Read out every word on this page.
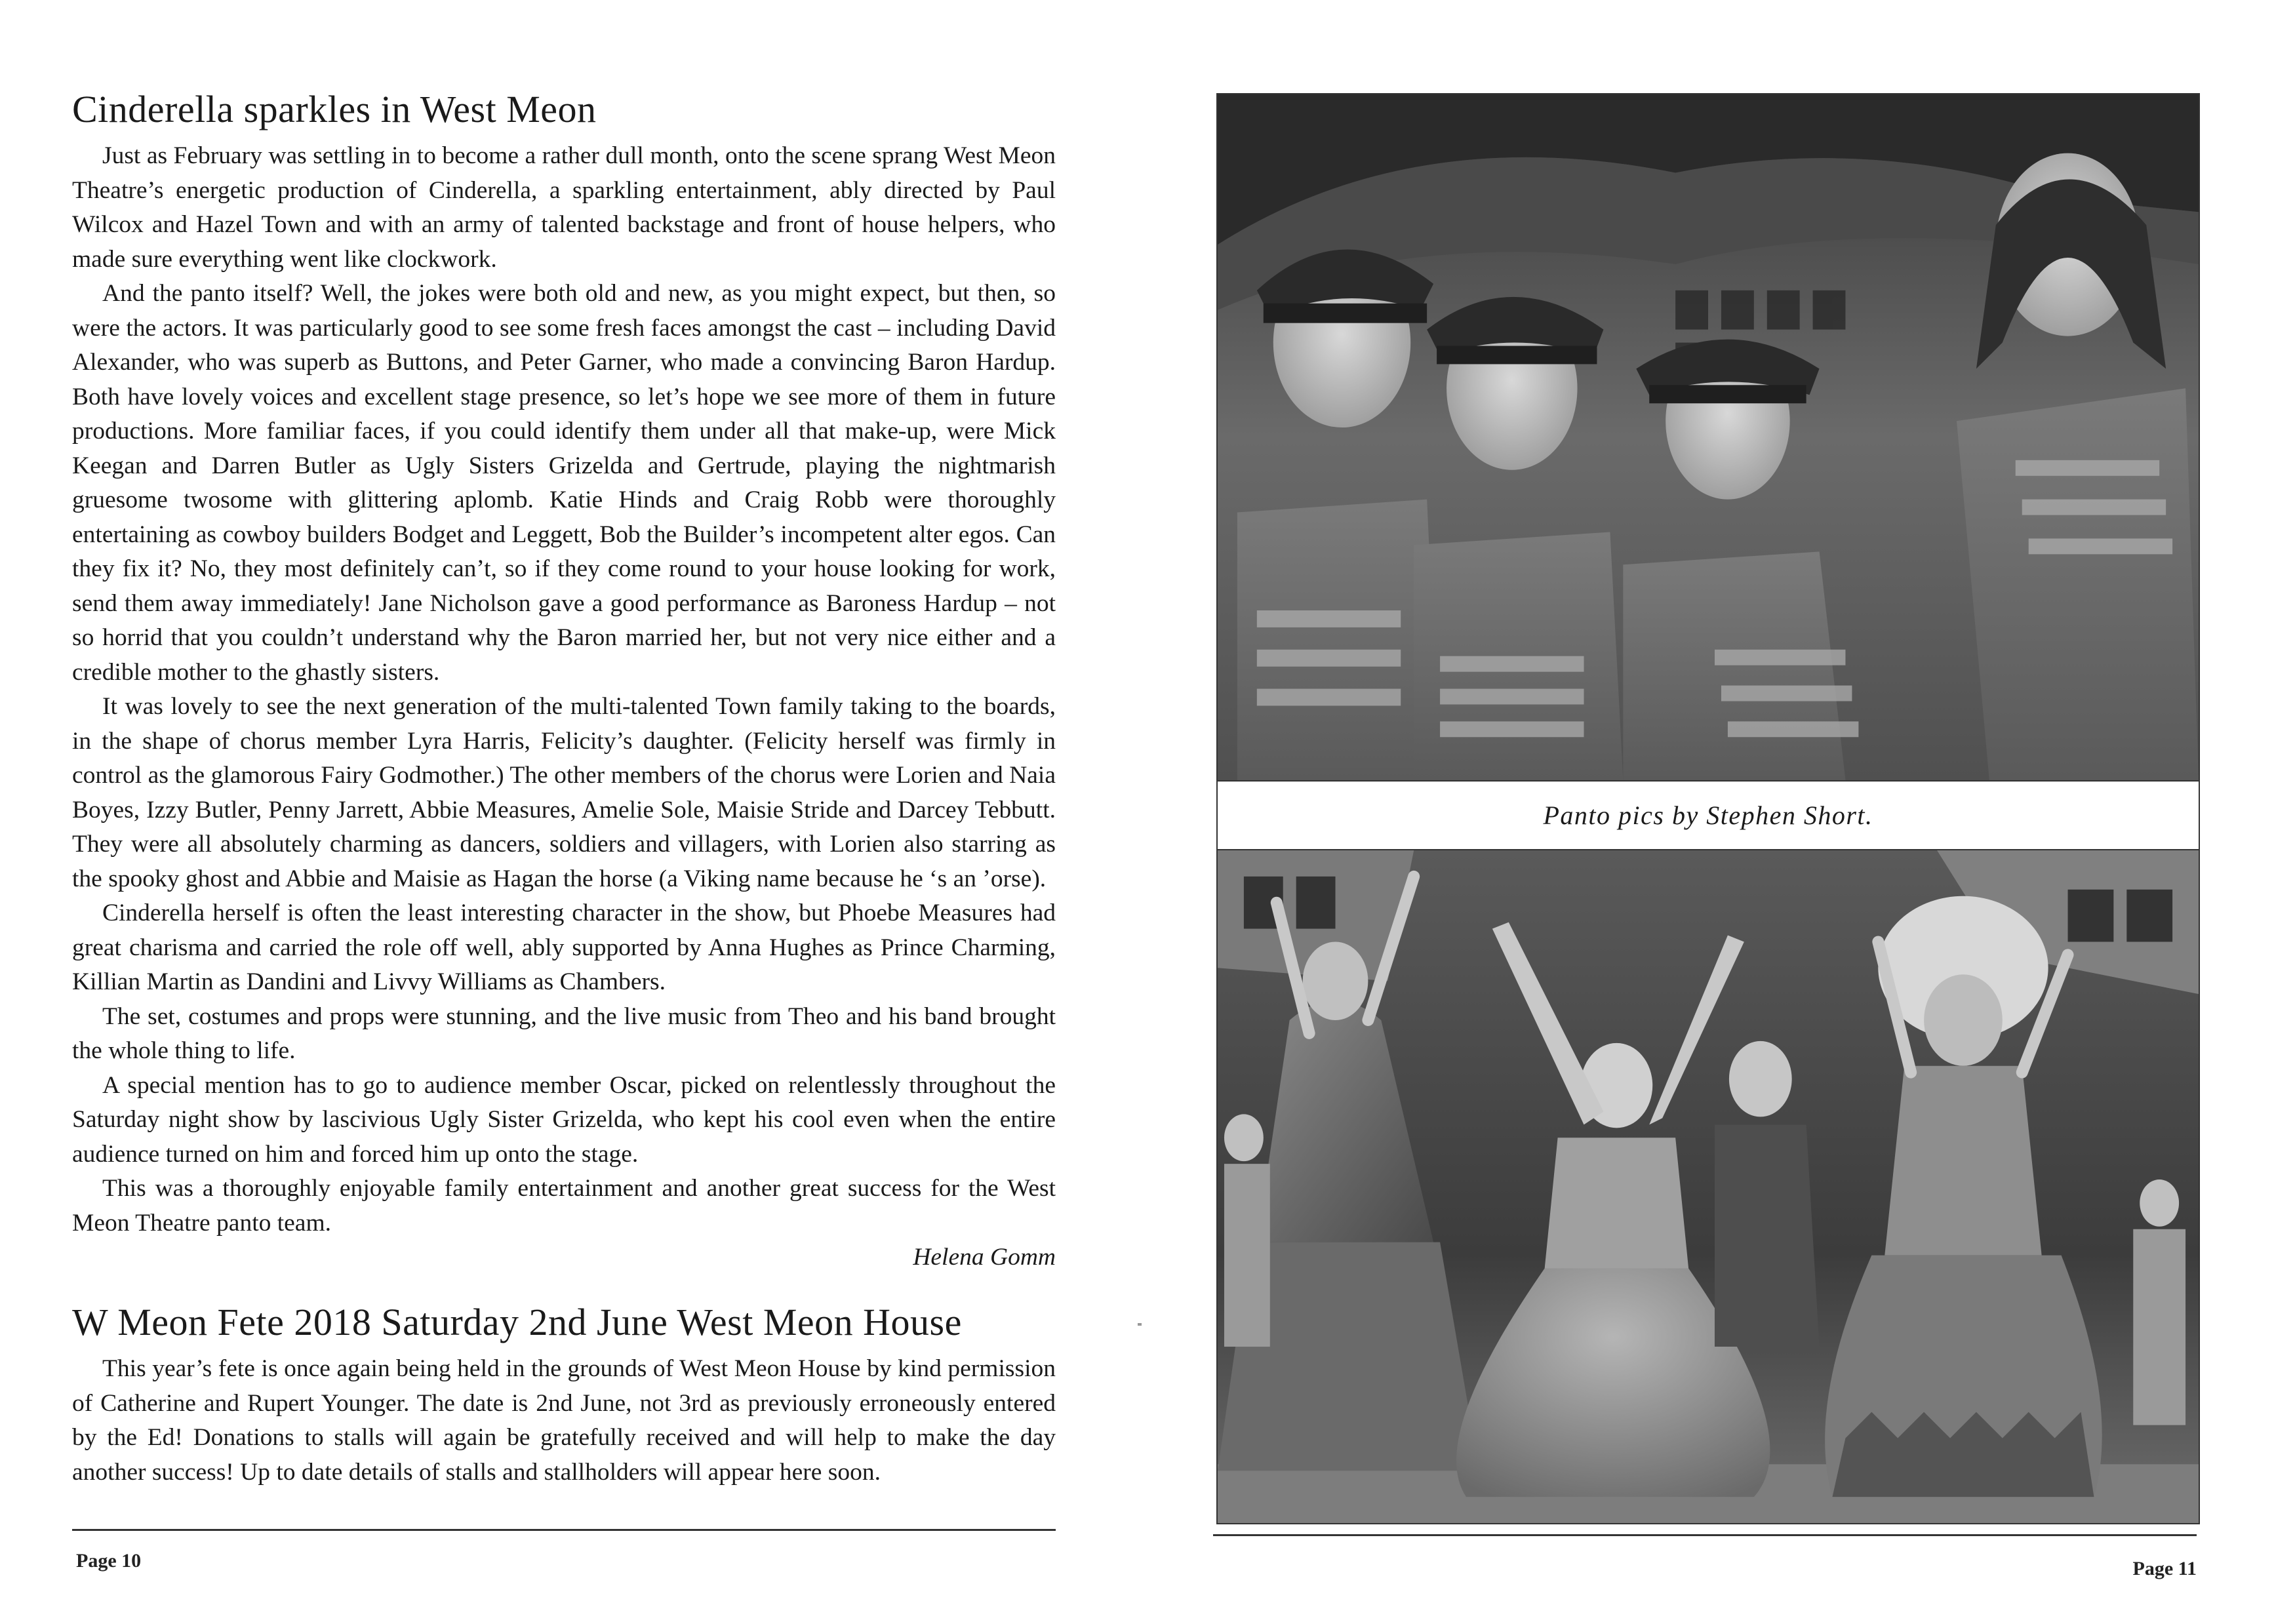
Cinderella sparkles in West Meon

Just as February was settling in to become a rather dull month, onto the scene sprang West Meon Theatre’s energetic production of Cinderella, a sparkling entertainment, ably directed by Paul Wilcox and Hazel Town and with an army of talented backstage and front of house helpers, who made sure everything went like clockwork.

And the panto itself? Well, the jokes were both old and new, as you might expect, but then, so were the actors. It was particularly good to see some fresh faces amongst the cast – including David Alexander, who was superb as Buttons, and Peter Garner, who made a convincing Baron Hardup. Both have lovely voices and excellent stage presence, so let’s hope we see more of them in future productions. More familiar faces, if you could identify them under all that make-up, were Mick Keegan and Darren Butler as Ugly Sisters Grizelda and Gertrude, playing the nightmarish gruesome twosome with glittering aplomb. Katie Hinds and Craig Robb were thoroughly entertaining as cowboy builders Bodget and Leggett, Bob the Builder’s incompetent alter egos. Can they fix it? No, they most definitely can’t, so if they come round to your house looking for work, send them away immediately! Jane Nicholson gave a good performance as Baroness Hardup – not so horrid that you couldn’t understand why the Baron married her, but not very nice either and a credible mother to the ghastly sisters.

It was lovely to see the next generation of the multi-talented Town family taking to the boards, in the shape of chorus member Lyra Harris, Felicity’s daughter. (Felicity herself was firmly in control as the glamorous Fairy Godmother.) The other members of the chorus were Lorien and Naia Boyes, Izzy Butler, Penny Jarrett, Abbie Measures, Amelie Sole, Maisie Stride and Darcey Tebbutt. They were all absolutely charming as dancers, soldiers and villagers, with Lorien also starring as the spooky ghost and Abbie and Maisie as Hagan the horse (a Viking name because he ‘s an ’orse).

Cinderella herself is often the least interesting character in the show, but Phoebe Measures had great charisma and carried the role off well, ably supported by Anna Hughes as Prince Charming, Killian Martin as Dandini and Livvy Williams as Chambers.

The set, costumes and props were stunning, and the live music from Theo and his band brought the whole thing to life.

A special mention has to go to audience member Oscar, picked on relentlessly throughout the Saturday night show by lascivious Ugly Sister Grizelda, who kept his cool even when the entire audience turned on him and forced him up onto the stage.

This was a thoroughly enjoyable family entertainment and another great success for the West Meon Theatre panto team.

Helena Gomm
W Meon Fete 2018 Saturday 2nd June West Meon House

This year’s fete is once again being held in the grounds of West Meon House by kind permission of Catherine and Rupert Younger. The date is 2nd June, not 3rd as previously erroneously entered by the Ed! Donations to stalls will again be gratefully received and will help to make the day another success! Up to date details of stalls and stallholders will appear here soon.

Page 10
Panto pics by Stephen Short.
Page 11
